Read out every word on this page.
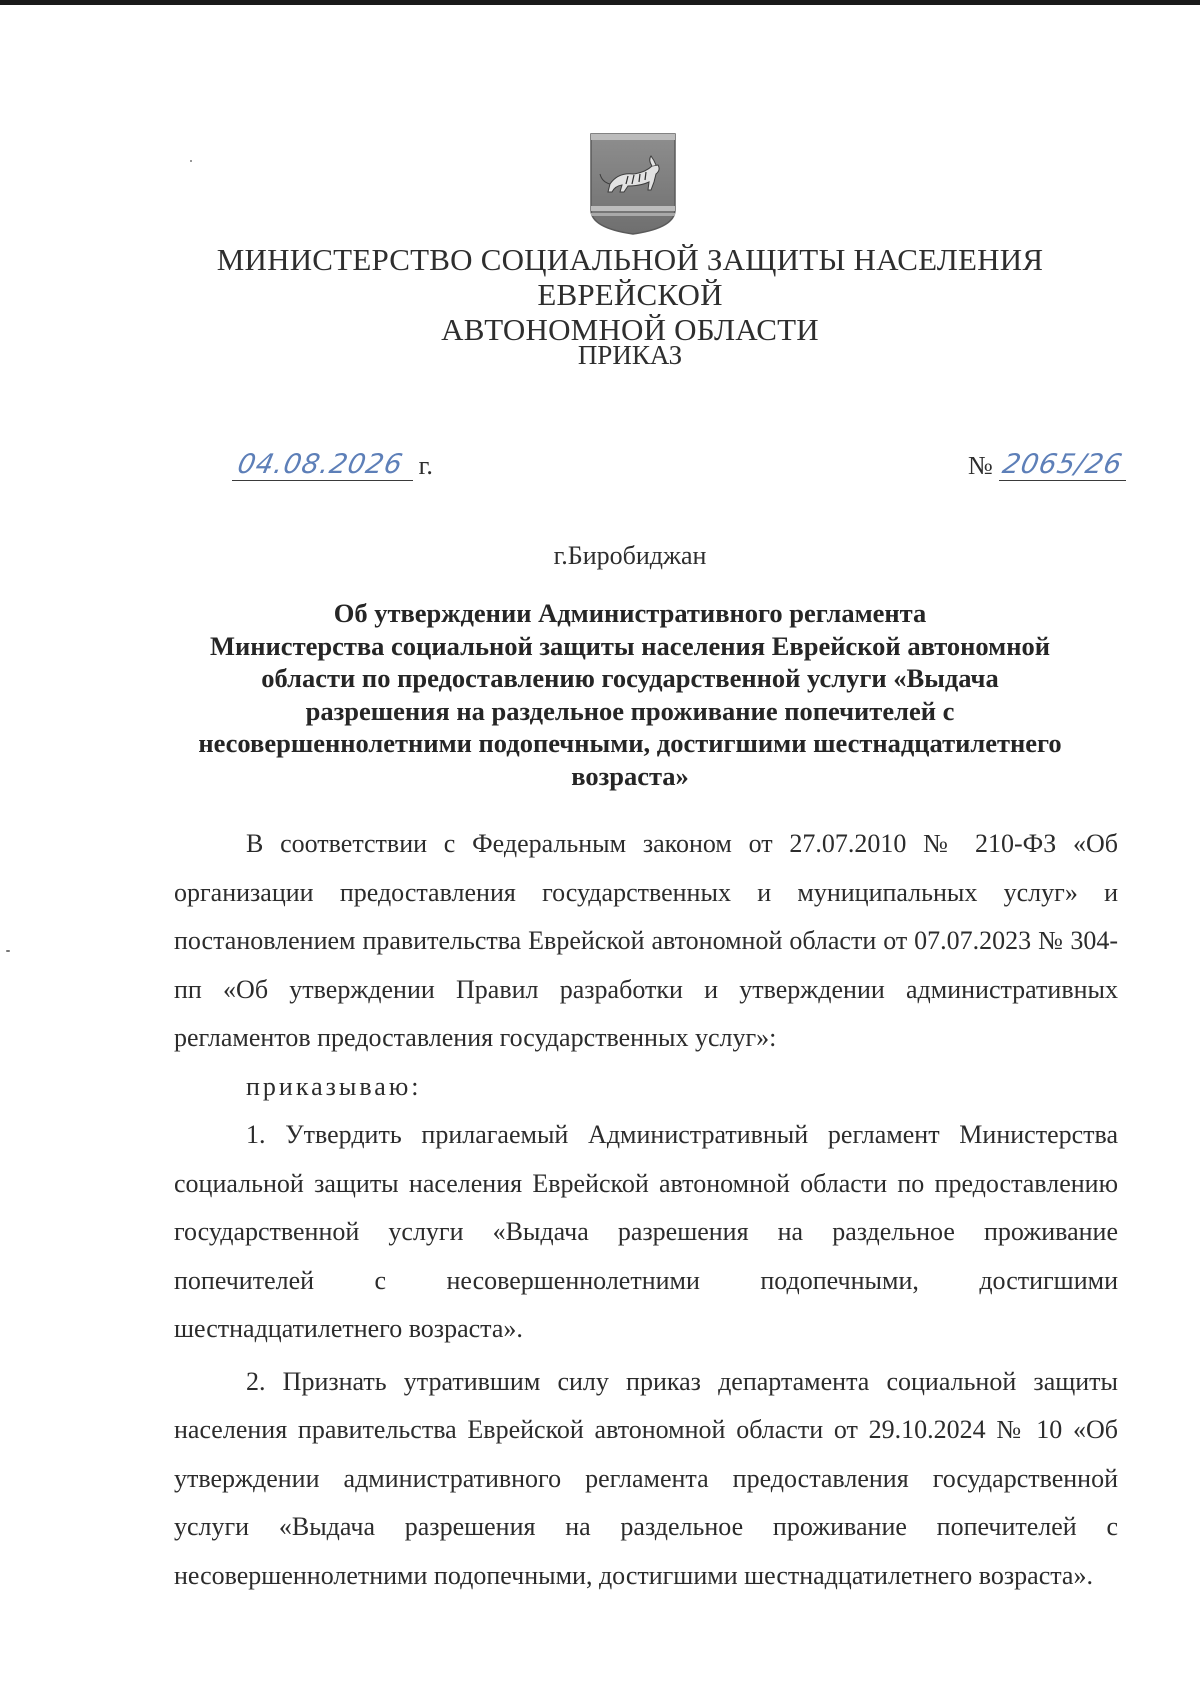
МИНИСТЕРСТВО СОЦИАЛЬНОЙ ЗАЩИТЫ НАСЕЛЕНИЯ ЕВРЕЙСКОЙ
АВТОНОМНОЙ ОБЛАСТИ
ПРИКАЗ
04.08.2026 г.	№ 2065/26
г.Биробиджан
Об утверждении Административного регламента
Министерства социальной защиты населения Еврейской автономной
области по предоставлению государственной услуги «Выдача
разрешения на раздельное проживание попечителей с
несовершеннолетними подопечными, достигшими шестнадцатилетнего
возраста»

В соответствии с Федеральным законом от 27.07.2010 № 210-ФЗ «Об организации предоставления государственных и муниципальных услуг» и постановлением правительства Еврейской автономной области от 07.07.2023 № 304-пп «Об утверждении Правил разработки и утверждении административных регламентов предоставления государственных услуг»:

приказываю:

1. Утвердить прилагаемый Административный регламент Министерства социальной защиты населения Еврейской автономной области по предоставлению государственной услуги «Выдача разрешения на раздельное проживание попечителей с несовершеннолетними подопечными, достигшими шестнадцатилетнего возраста».

2. Признать утратившим силу приказ департамента социальной защиты населения правительства Еврейской автономной области от 29.10.2024 № 10 «Об утверждении административного регламента предоставления государственной услуги «Выдача разрешения на раздельное проживание попечителей с несовершеннолетними подопечными, достигшими шестнадцатилетнего возраста».
